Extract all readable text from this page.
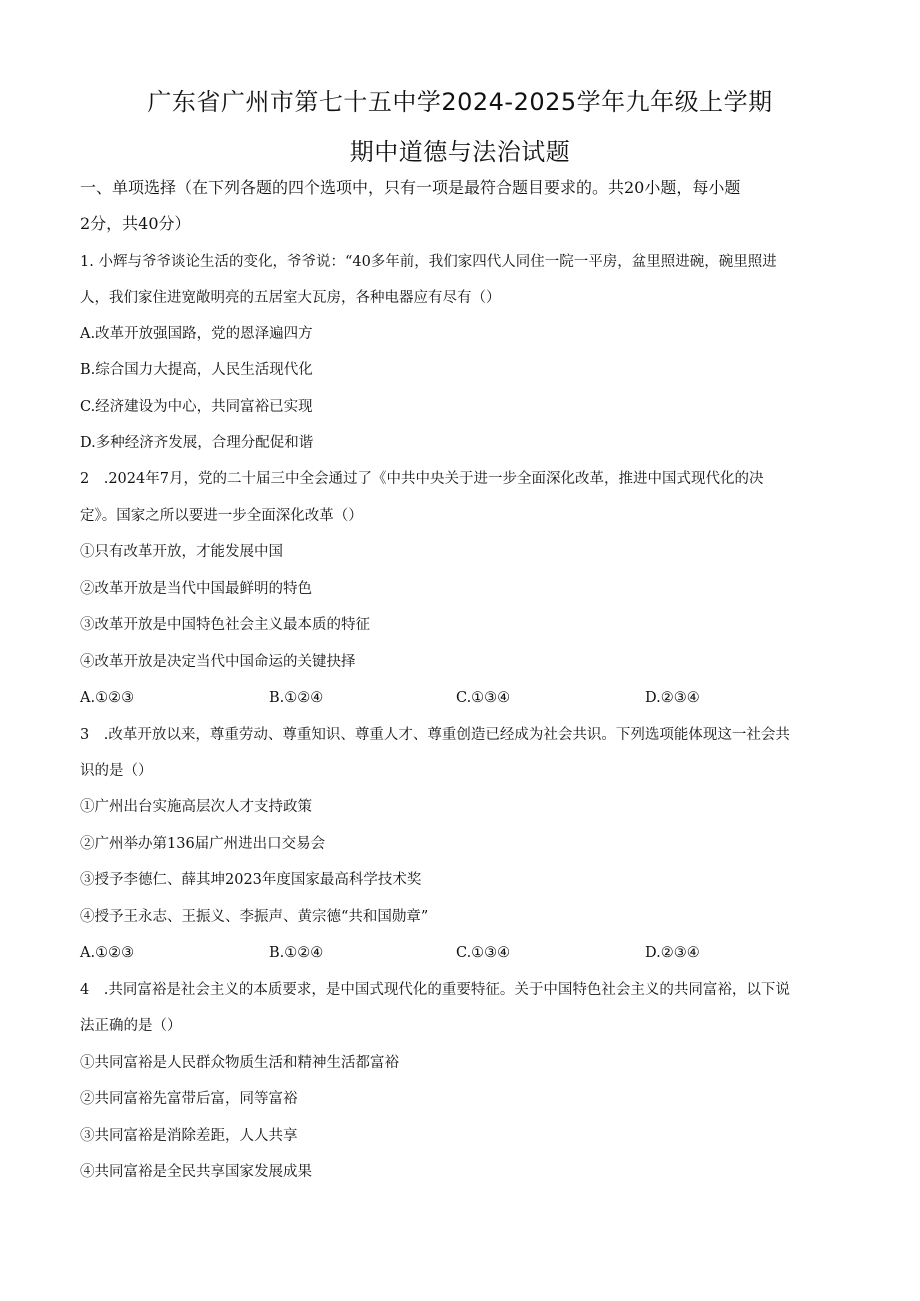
广东省广州市第七十五中学2024-2025学年九年级上学期
期中道德与法治试题
一、单项选择（在下列各题的四个选项中，只有一项是最符合题目要求的。共20小题，每小题
2分，共40分）
1. 小辉与爷爷谈论生活的变化，爷爷说：“40多年前，我们家四代人同住一院一平房，盆里照进碗，碗里照进
人，我们家住进宽敞明亮的五居室大瓦房，各种电器应有尽有（）
A.改革开放强国路，党的恩泽遍四方
B.综合国力大提高，人民生活现代化
C.经济建设为中心，共同富裕已实现
D.多种经济齐发展，合理分配促和谐
2　.2024年7月，党的二十届三中全会通过了《中共中央关于进一步全面深化改革，推进中国式现代化的决
定》。国家之所以要进一步全面深化改革（）
①只有改革开放，才能发展中国
②改革开放是当代中国最鲜明的特色
③改革开放是中国特色社会主义最本质的特征
④改革开放是决定当代中国命运的关键抉择
A.①②③	B.①②④	C.①③④	D.②③④
3　.改革开放以来，尊重劳动、尊重知识、尊重人才、尊重创造已经成为社会共识。下列选项能体现这一社会共
识的是（）
①广州出台实施高层次人才支持政策
②广州举办第136届广州进出口交易会
③授予李德仁、薛其坤2023年度国家最高科学技术奖
④授予王永志、王振义、李振声、黄宗德“共和国勋章”
A.①②③	B.①②④	C.①③④	D.②③④
4　.共同富裕是社会主义的本质要求，是中国式现代化的重要特征。关于中国特色社会主义的共同富裕，以下说
法正确的是（）
①共同富裕是人民群众物质生活和精神生活都富裕
②共同富裕先富带后富，同等富裕
③共同富裕是消除差距，人人共享
④共同富裕是全民共享国家发展成果
